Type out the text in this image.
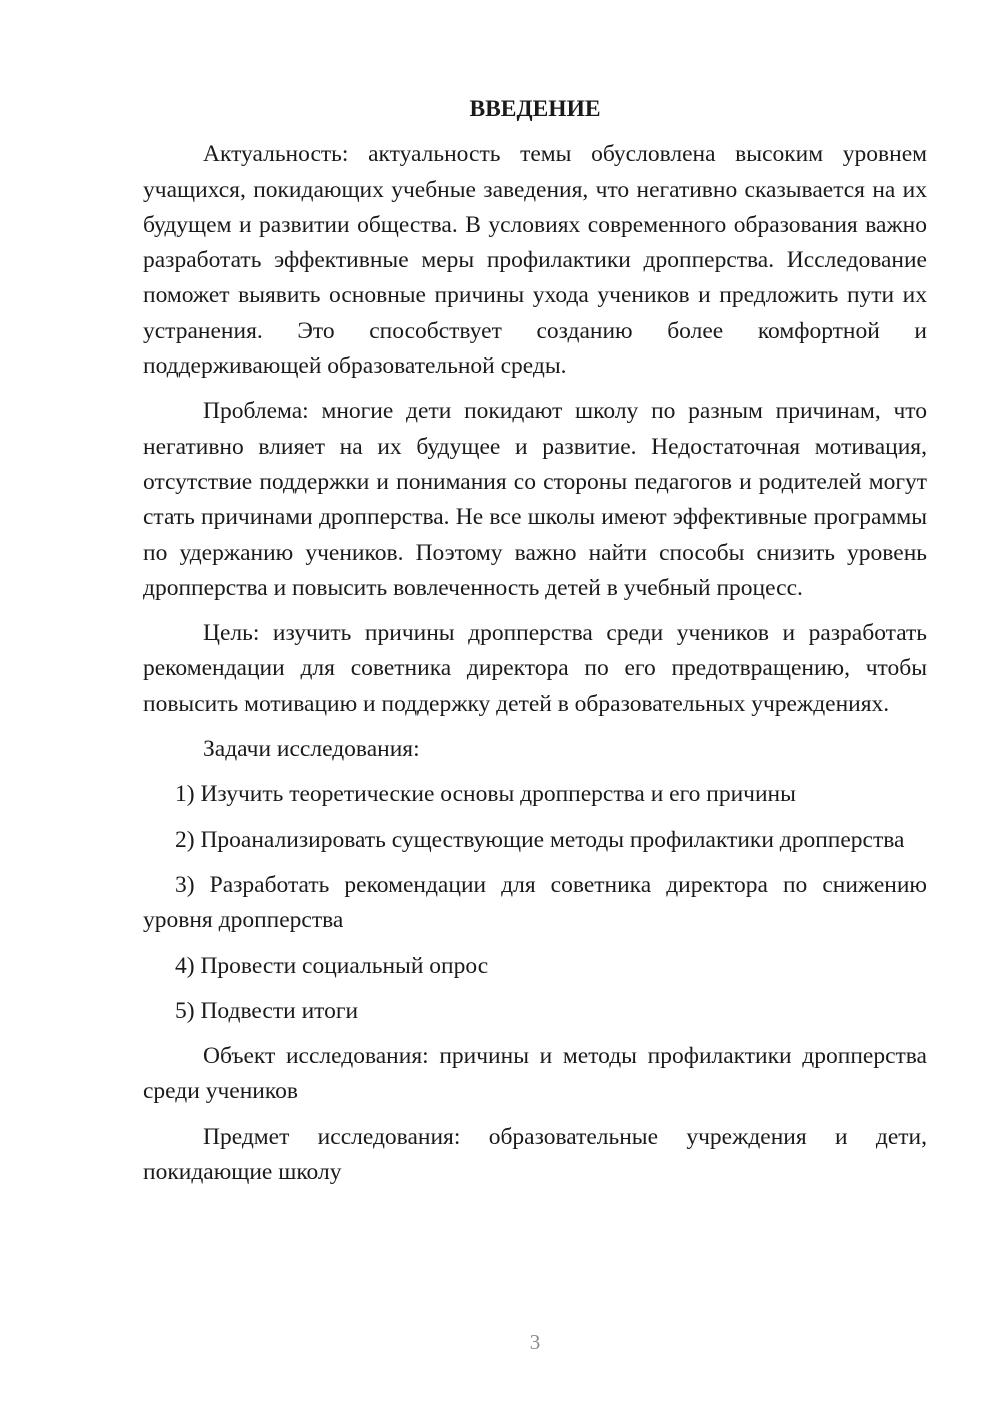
ВВЕДЕНИЕ

Актуальность: актуальность темы обусловлена высоким уровнем учащихся, покидающих учебные заведения, что негативно сказывается на их будущем и развитии общества. В условиях современного образования важно разработать эффективные меры профилактики дропперства. Исследование поможет выявить основные причины ухода учеников и предложить пути их устранения. Это способствует созданию более комфортной и поддерживающей образовательной среды.

Проблема: многие дети покидают школу по разным причинам, что негативно влияет на их будущее и развитие. Недостаточная мотивация, отсутствие поддержки и понимания со стороны педагогов и родителей могут стать причинами дропперства. Не все школы имеют эффективные программы по удержанию учеников. Поэтому важно найти способы снизить уровень дропперства и повысить вовлеченность детей в учебный процесс.

Цель: изучить причины дропперства среди учеников и разработать рекомендации для советника директора по его предотвращению, чтобы повысить мотивацию и поддержку детей в образовательных учреждениях.

Задачи исследования:

1) Изучить теоретические основы дропперства и его причины

2) Проанализировать существующие методы профилактики дропперства

3) Разработать рекомендации для советника директора по снижению уровня дропперства

4) Провести социальный опрос

5) Подвести итоги

Объект исследования: причины и методы профилактики дропперства среди учеников

Предмет исследования: образовательные учреждения и дети, покидающие школу

3
